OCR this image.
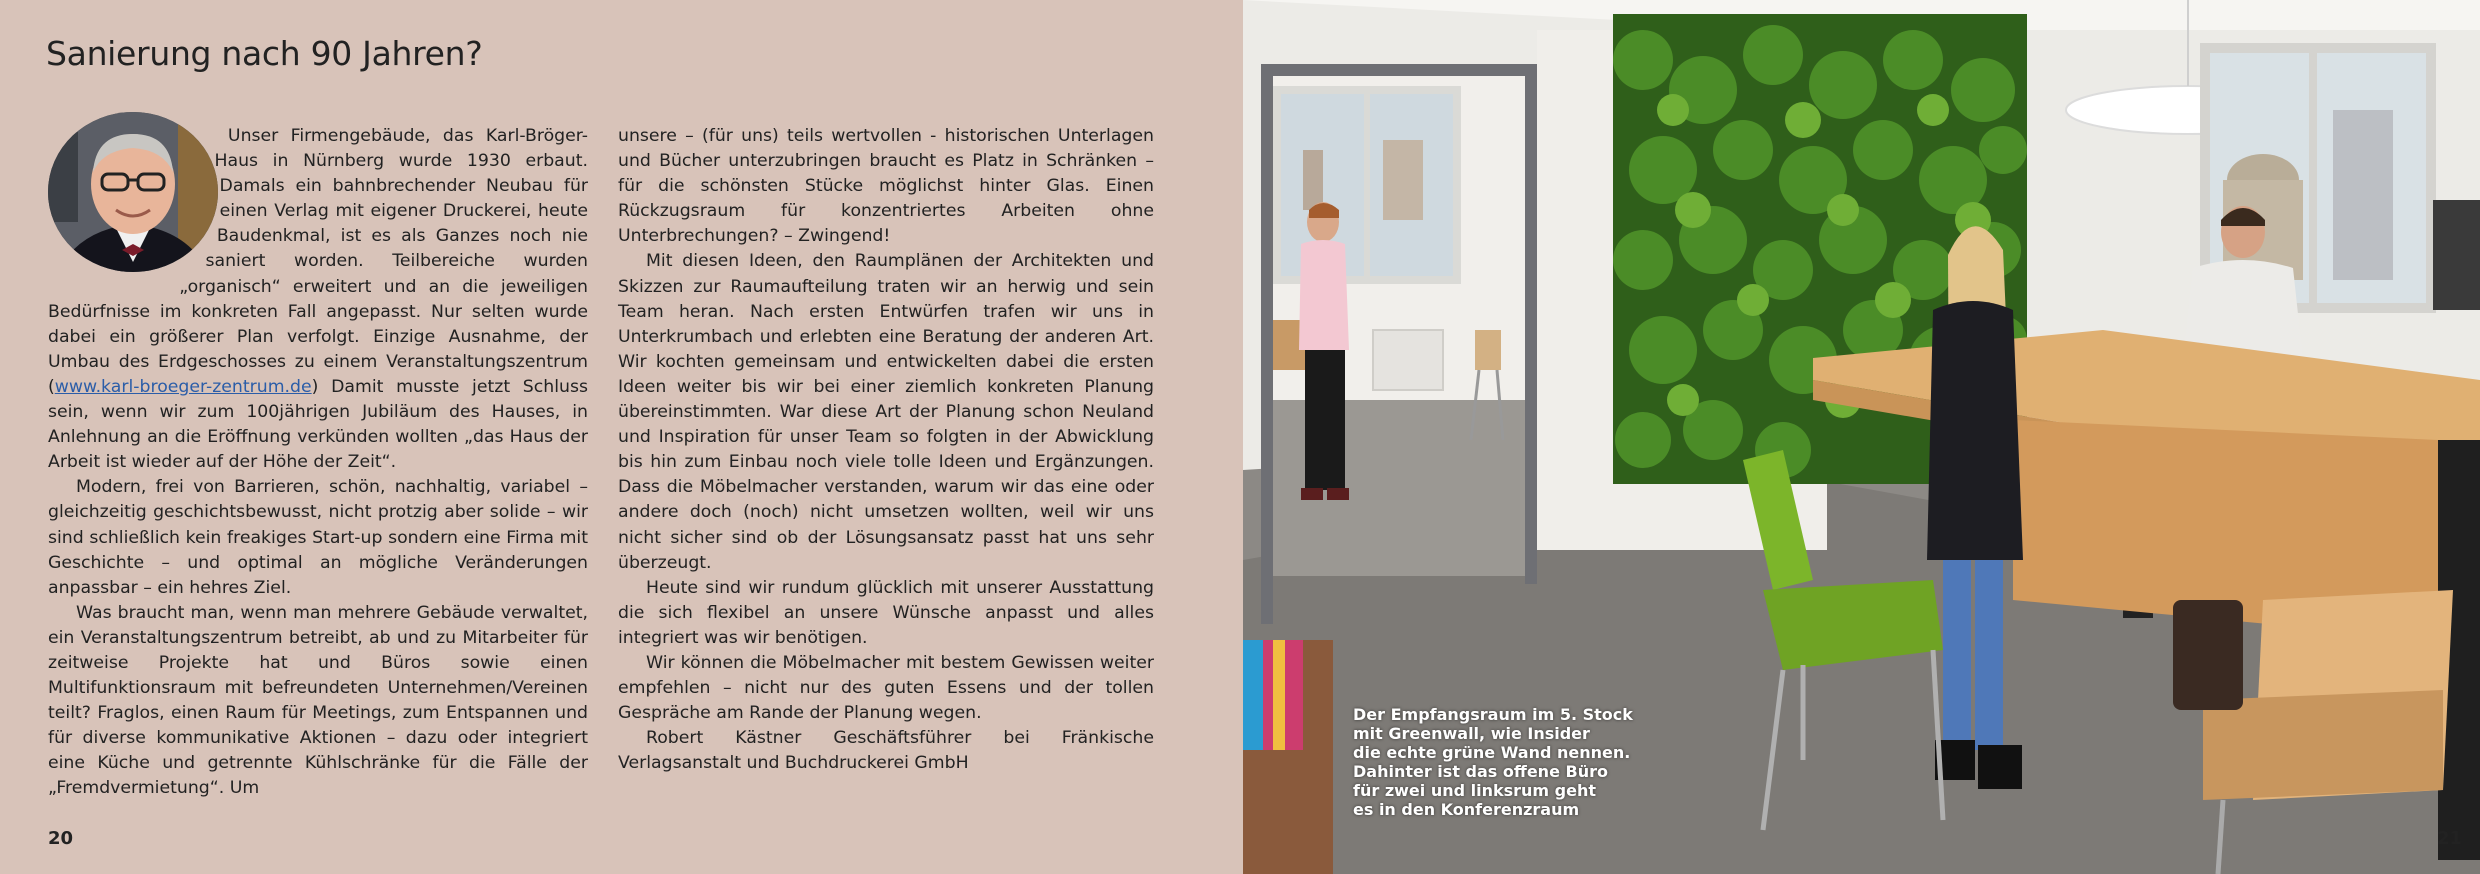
Sanierung nach 90 Jahren?

Unser Firmengebäude, das Karl-Bröger-Haus in Nürnberg wurde 1930 erbaut. Damals ein bahnbrechender Neubau für einen Verlag mit eigener Druckerei, heute Baudenkmal, ist es als Ganzes noch nie saniert worden. Teilbereiche wurden „organisch“ erweitert und an die jeweiligen Bedürfnisse im konkreten Fall angepasst. Nur selten wurde dabei ein größerer Plan verfolgt. Einzige Ausnahme, der Umbau des Erdgeschosses zu einem Veranstaltungszentrum (www.karl-broeger-zentrum.de) Damit musste jetzt Schluss sein, wenn wir zum 100jährigen Jubiläum des Hauses, in Anlehnung an die Eröffnung verkünden wollten „das Haus der Arbeit ist wieder auf der Höhe der Zeit“.

Modern, frei von Barrieren, schön, nachhaltig, variabel – gleichzeitig geschichtsbewusst, nicht protzig aber solide – wir sind schließlich kein freakiges Start-up sondern eine Firma mit Geschichte – und optimal an mögliche Veränderungen anpassbar – ein hehres Ziel.

Was braucht man, wenn man mehrere Gebäude verwaltet, ein Veranstaltungszentrum betreibt, ab und zu Mitarbeiter für zeitweise Projekte hat und Büros sowie einen Multifunktionsraum mit befreundeten Unternehmen/Vereinen teilt? Fraglos, einen Raum für Meetings, zum Entspannen und für diverse kommunikative Aktionen – dazu oder integriert eine Küche und getrennte Kühlschränke für die Fälle der „Fremdvermietung“. Um

unsere – (für uns) teils wertvollen - historischen Unterlagen und Bücher unterzubringen braucht es Platz in Schränken – für die schönsten Stücke möglichst hinter Glas. Einen Rückzugsraum für konzentriertes Arbeiten ohne Unterbrechungen? – Zwingend!

Mit diesen Ideen, den Raumplänen der Architekten und Skizzen zur Raumaufteilung traten wir an herwig und sein Team heran. Nach ersten Entwürfen trafen wir uns in Unterkrumbach und erlebten eine Beratung der anderen Art. Wir kochten gemeinsam und entwickelten dabei die ersten Ideen weiter bis wir bei einer ziemlich konkreten Planung übereinstimmten. War diese Art der Planung schon Neuland und Inspiration für unser Team so folgten in der Abwicklung bis hin zum Einbau noch viele tolle Ideen und Ergänzungen. Dass die Möbelmacher verstanden, warum wir das eine oder andere doch (noch) nicht umsetzen wollten, weil wir uns nicht sicher sind ob der Lösungsansatz passt hat uns sehr überzeugt.

Heute sind wir rundum glücklich mit unserer Ausstattung die sich flexibel an unsere Wünsche anpasst und alles integriert was wir benötigen.

Wir können die Möbelmacher mit bestem Gewissen weiter empfehlen – nicht nur des guten Essens und der tollen Gespräche am Rande der Planung wegen.

Robert Kästner Geschäftsführer bei Fränkische Verlagsanstalt und Buchdruckerei GmbH

20
Der Empfangsraum im 5. Stock
mit Greenwall, wie Insider
die echte grüne Wand nennen.
Dahinter ist das offene Büro
für zwei und linksrum geht
es in den Konferenzraum
21
